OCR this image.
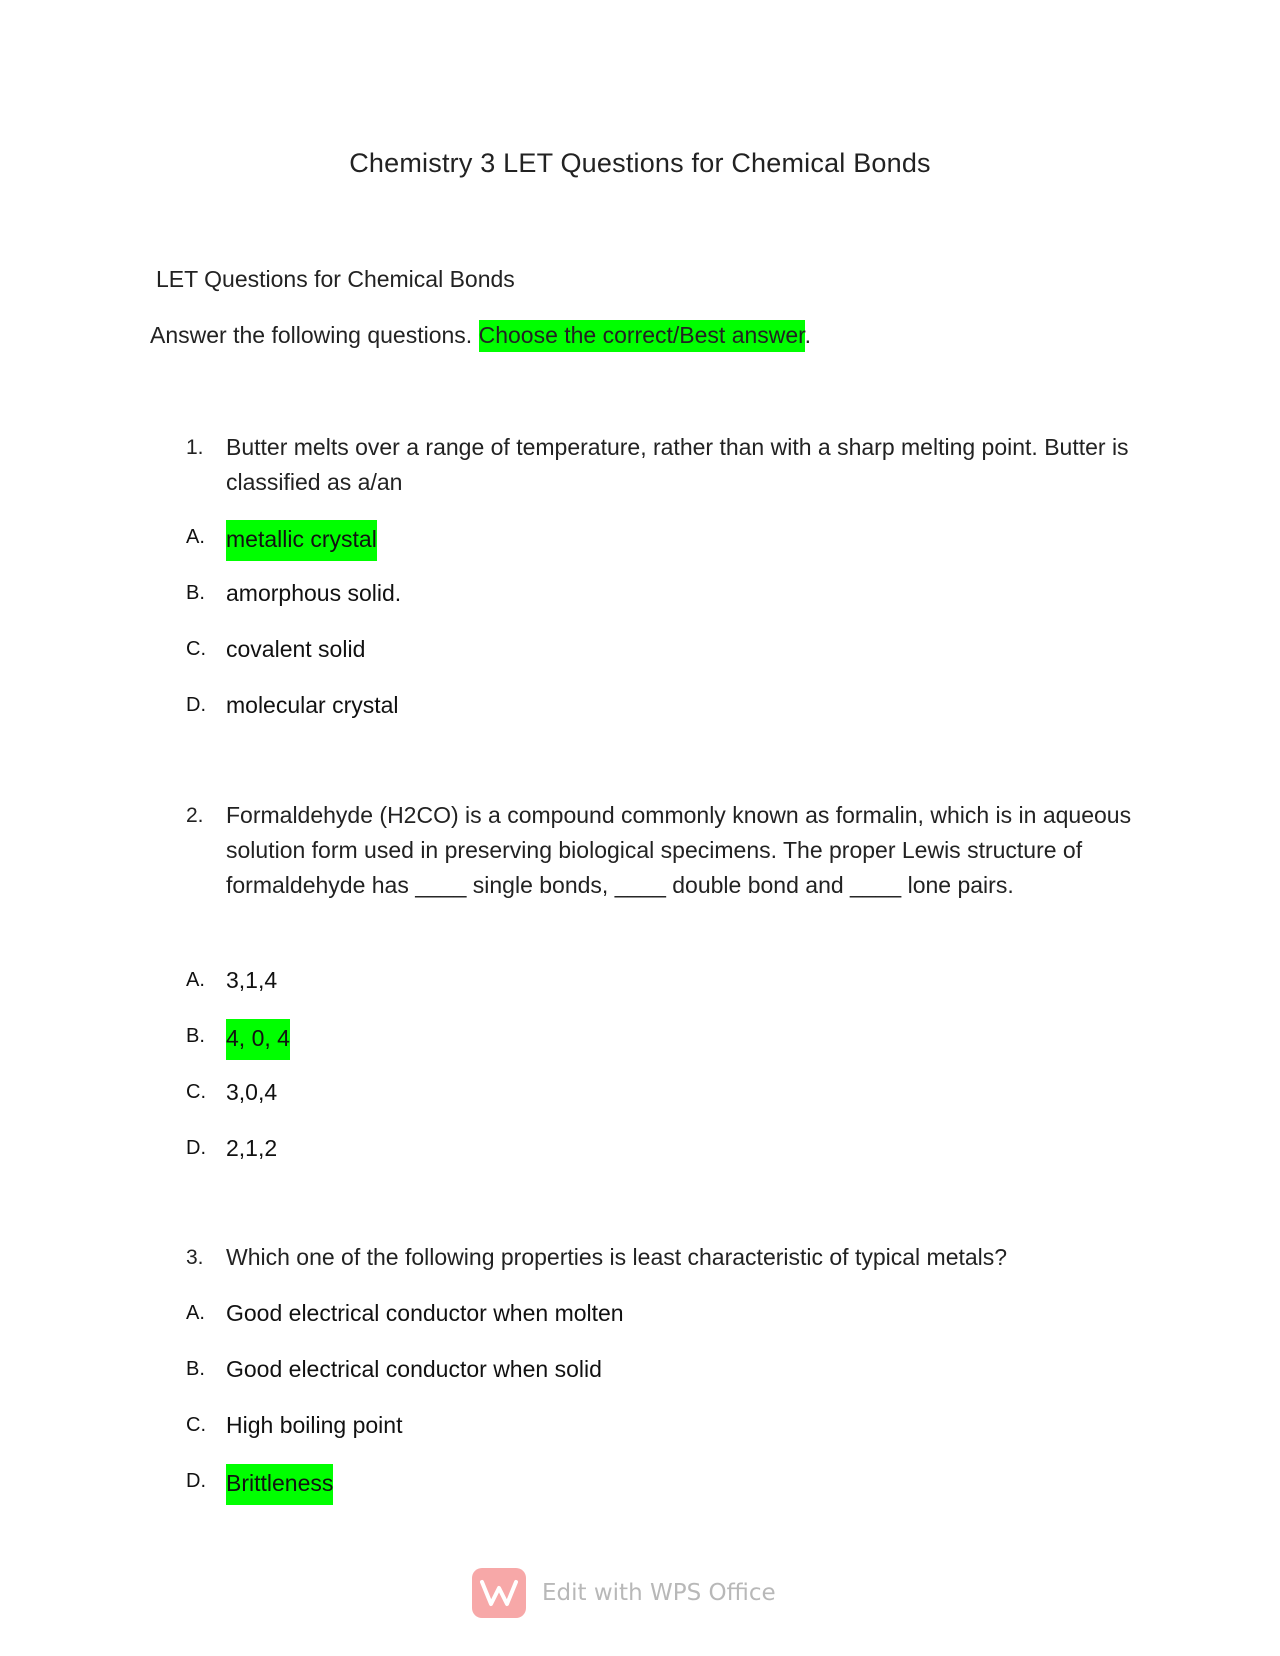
Chemistry 3 LET Questions for Chemical Bonds
LET Questions for Chemical Bonds
Answer the following questions. Choose the correct/Best answer.
1. Butter melts over a range of temperature, rather than with a sharp melting point. Butter is classified as a/an
A. metallic crystal
B. amorphous solid.
C. covalent solid
D. molecular crystal
2. Formaldehyde (H2CO) is a compound commonly known as formalin, which is in aqueous solution form used in preserving biological specimens. The proper Lewis structure of formaldehyde has ____ single bonds, ____ double bond and ____ lone pairs.
A. 3,1,4
B. 4, 0, 4
C. 3,0,4
D. 2,1,2
3. Which one of the following properties is least characteristic of typical metals?
A. Good electrical conductor when molten
B. Good electrical conductor when solid
C. High boiling point
D. Brittleness
Edit with WPS Office
